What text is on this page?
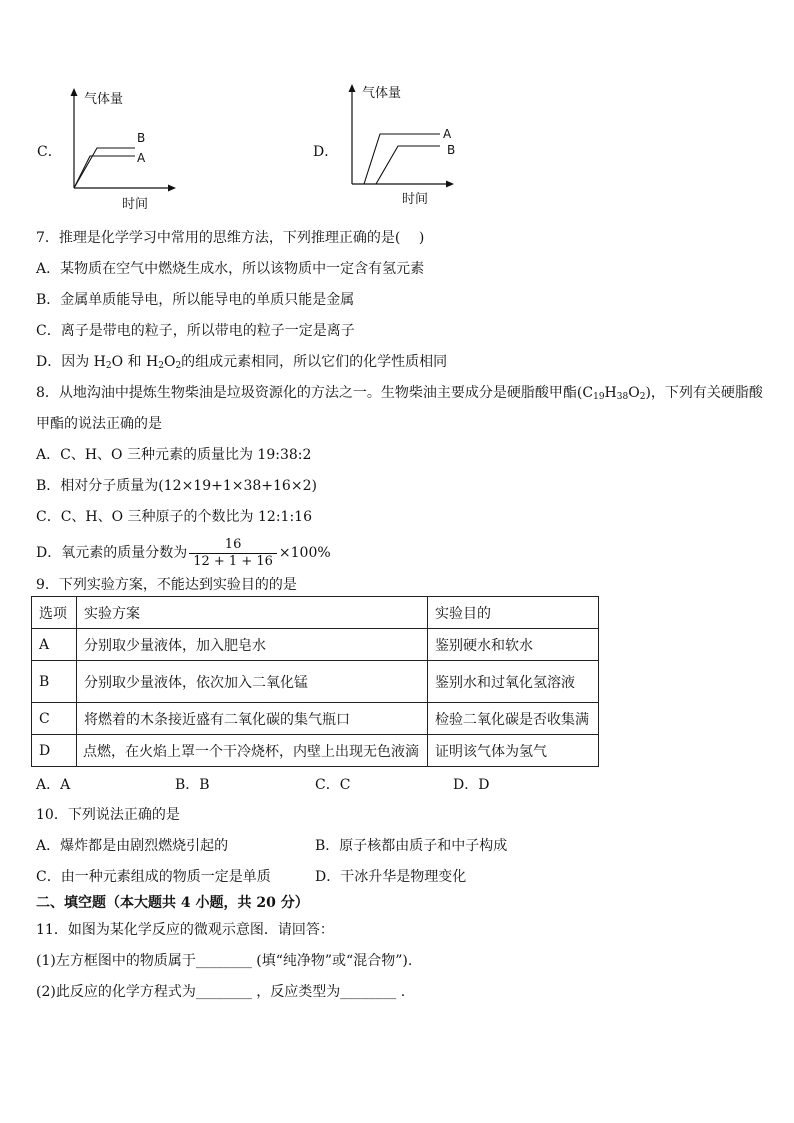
C．
气体量
时间
B
A	D．
气体量
时间
A
B
7．推理是化学学习中常用的思维方法，下列推理正确的是(　 )
A．某物质在空气中燃烧生成水，所以该物质中一定含有氢元素
B．金属单质能导电，所以能导电的单质只能是金属
C．离子是带电的粒子，所以带电的粒子一定是离子
D．因为 $H_2O$ 和 $H_2O_2$的组成元素相同，所以它们的化学性质相同
8．从地沟油中提炼生物柴油是垃圾资源化的方法之一。生物柴油主要成分是硬脂酸甲酯$(C_{19}H_{38}O_2)$，下列有关硬脂酸
甲酯的说法正确的是
A．C、H、O 三种元素的质量比为 19:38:2
B．相对分子质量为(12×19+1×38+16×2)
C．C、H、O 三种原子的个数比为 12:1:16
D．氧元素的质量分数为 $\frac{16}{12 + 1 + 16} \times 100\%$
9．下列实验方案，不能达到实验目的的是
选项	实验方案	实验目的
A	分别取少量液体，加入肥皂水	鉴别硬水和软水
B	分别取少量液体，依次加入二氧化锰	鉴别水和过氧化氢溶液
C	将燃着的木条接近盛有二氧化碳的集气瓶口	检验二氧化碳是否收集满
D	点燃，在火焰上罩一个干冷烧杯，内壁上出现无色液滴	证明该气体为氢气
A．A	B．B	C．C	D．D
10．下列说法正确的是
A．爆炸都是由剧烈燃烧引起的	B．原子核都由质子和中子构成
C．由一种元素组成的物质一定是单质	D．干冰升华是物理变化
二、填空题（本大题共 4 小题，共 20 分）
11．如图为某化学反应的微观示意图．请回答：
(1)左方框图中的物质属于________ (填“纯净物”或“混合物”).
(2)此反应的化学方程式为________ ，反应类型为________ .
